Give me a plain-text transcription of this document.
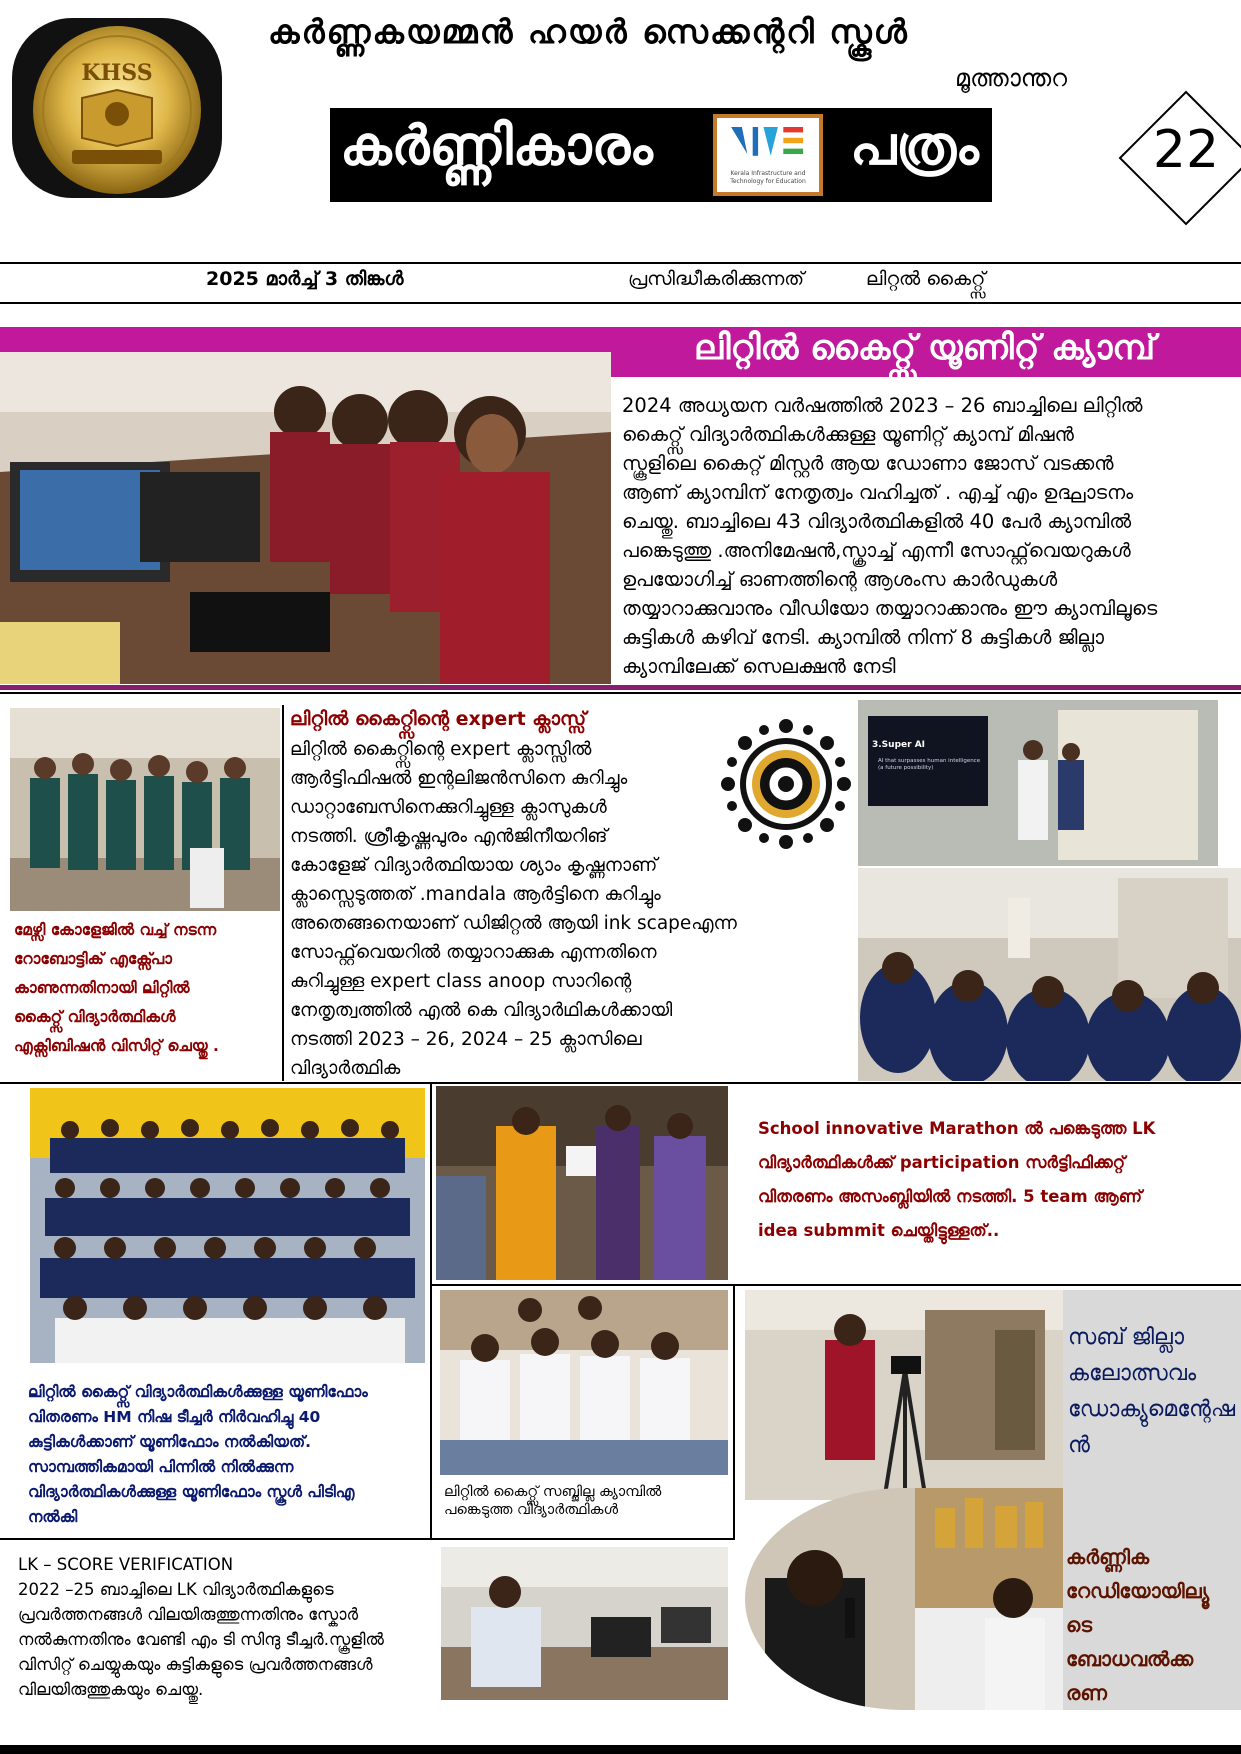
KHSS
കർണ്ണകയമ്മൻ ഹയർ സെക്കന്ററി സ്കൂൾ
മൂത്താന്തറ
കർണ്ണികാരം	Kerala Infrastructure and
Technology for Education
പത്രം	22
2025 മാർച്ച് 3 തിങ്കൾ	പ്രസിദ്ധീകരിക്കുന്നത്	ലിറ്റൽ കൈറ്റ്സ്
ലിറ്റിൽ കൈറ്റ്സ് യൂണിറ്റ് ക്യാമ്പ്
2024 അധ്യയന വർഷത്തിൽ 2023 – 26 ബാച്ചിലെ ലിറ്റിൽ
കൈറ്റ്സ് വിദ്യാർത്ഥികൾക്കുള്ള യൂണിറ്റ് ക്യാമ്പ് മിഷൻ
സ്കൂളിലെ കൈറ്റ് മിസ്റ്റർ ആയ ഡോണാ ജോസ് വടക്കൻ
ആണ് ക്യാമ്പിന് നേതൃത്വം വഹിച്ചത് . എച്ച് എം ഉദ്ഘാടനം
ചെയ്തു. ബാച്ചിലെ 43 വിദ്യാർത്ഥികളിൽ 40 പേർ ക്യാമ്പിൽ
പങ്കെടുത്തു .അനിമേഷൻ,സ്ക്രാച്ച് എന്നീ സോഫ്റ്റ്‌വെയറുകൾ
ഉപയോഗിച്ച് ഓണത്തിന്റെ ആശംസ കാർഡുകൾ
തയ്യാറാക്കുവാനും വീഡിയോ തയ്യാറാക്കാനും ഈ ക്യാമ്പിലൂടെ
കുട്ടികൾ കഴിവ് നേടി. ക്യാമ്പിൽ നിന്ന് 8 കുട്ടികൾ ജില്ലാ
ക്യാമ്പിലേക്ക് സെലക്ഷൻ നേടി
മേഴ്സി കോളേജിൽ വച്ച് നടന്ന
റോബോട്ടിക് എക്സ്പോ
കാണുന്നതിനായി ലിറ്റിൽ
കൈറ്റ്സ് വിദ്യാർത്ഥികൾ
എക്സിബിഷൻ വിസിറ്റ് ചെയ്തു .
ലിറ്റിൽ കൈറ്റ്സിന്റെ expert ക്ലാസ്സ്
ലിറ്റിൽ കൈറ്റ്സിന്റെ expert ക്ലാസ്സിൽ
ആർട്ടിഫിഷൽ ഇന്റലിജൻസിനെ കുറിച്ചും
ഡാറ്റാബേസിനെക്കുറിച്ചുള്ള ക്ലാസുകൾ
നടത്തി. ശ്രീകൃഷ്ണപുരം എൻജിനീയറിങ്
കോളേജ് വിദ്യാർത്ഥിയായ ശ്യാം കൃഷ്ണനാണ്
ക്ലാസ്സെടുത്തത് .mandala ആർട്ടിനെ കുറിച്ചും
അതെങ്ങനെയാണ് ഡിജിറ്റൽ ആയി ink scapeഎന്ന
സോഫ്റ്റ്‌വെയറിൽ തയ്യാറാക്കുക എന്നതിനെ
കുറിച്ചുള്ള expert class anoop സാറിന്റെ
നേതൃത്വത്തിൽ എൽ കെ വിദ്യാർഥികൾക്കായി
നടത്തി 2023 – 26, 2024 – 25 ക്ലാസിലെ
വിദ്യാർത്ഥിക
3.Super AI
AI that surpasses human intelligence (a future possibility)
ലിറ്റിൽ കൈറ്റ്സ് വിദ്യാർത്ഥികൾക്കുള്ള യൂണിഫോം
വിതരണം HM നിഷ ടീച്ചർ നിർവഹിച്ചു 40
കുട്ടികൾക്കാണ് യൂണിഫോം നൽകിയത്.
സാമ്പത്തികമായി പിന്നിൽ നിൽക്കുന്ന
വിദ്യാർത്ഥികൾക്കുള്ള യൂണിഫോം സ്കൂൾ പിടിഎ
നൽകി
School innovative Marathon ൽ പങ്കെടുത്ത LK
വിദ്യാർത്ഥികൾക്ക് participation സർട്ടിഫിക്കറ്റ്
വിതരണം അസംബ്ലിയിൽ നടത്തി. 5 team ആണ്
idea submmit ചെയ്തിട്ടുള്ളത്..
ലിറ്റിൽ കൈറ്റ്സ് സബ്ജില്ല ക്യാമ്പിൽ
പങ്കെടുത്ത വിദ്യാർത്ഥികൾ
സബ് ജില്ലാ
കലോത്സവം
ഡോക്യുമെന്റേഷ
ൻ
LK – SCORE VERIFICATION
2022 –25 ബാച്ചിലെ LK വിദ്യാർത്ഥികളുടെ
പ്രവർത്തനങ്ങൾ വിലയിരുത്തുന്നതിനും സ്കോർ
നൽകുന്നതിനും വേണ്ടി എം ടി സിന്ദു ടീച്ചർ.സ്കൂളിൽ
വിസിറ്റ് ചെയ്യുകയും കുട്ടികളുടെ പ്രവർത്തനങ്ങൾ
വിലയിരുത്തുകയും ചെയ്തു.
കർണ്ണിക
റേഡിയോയില്യൂ
ടെ
ബോധവൽക്ക
രണ
